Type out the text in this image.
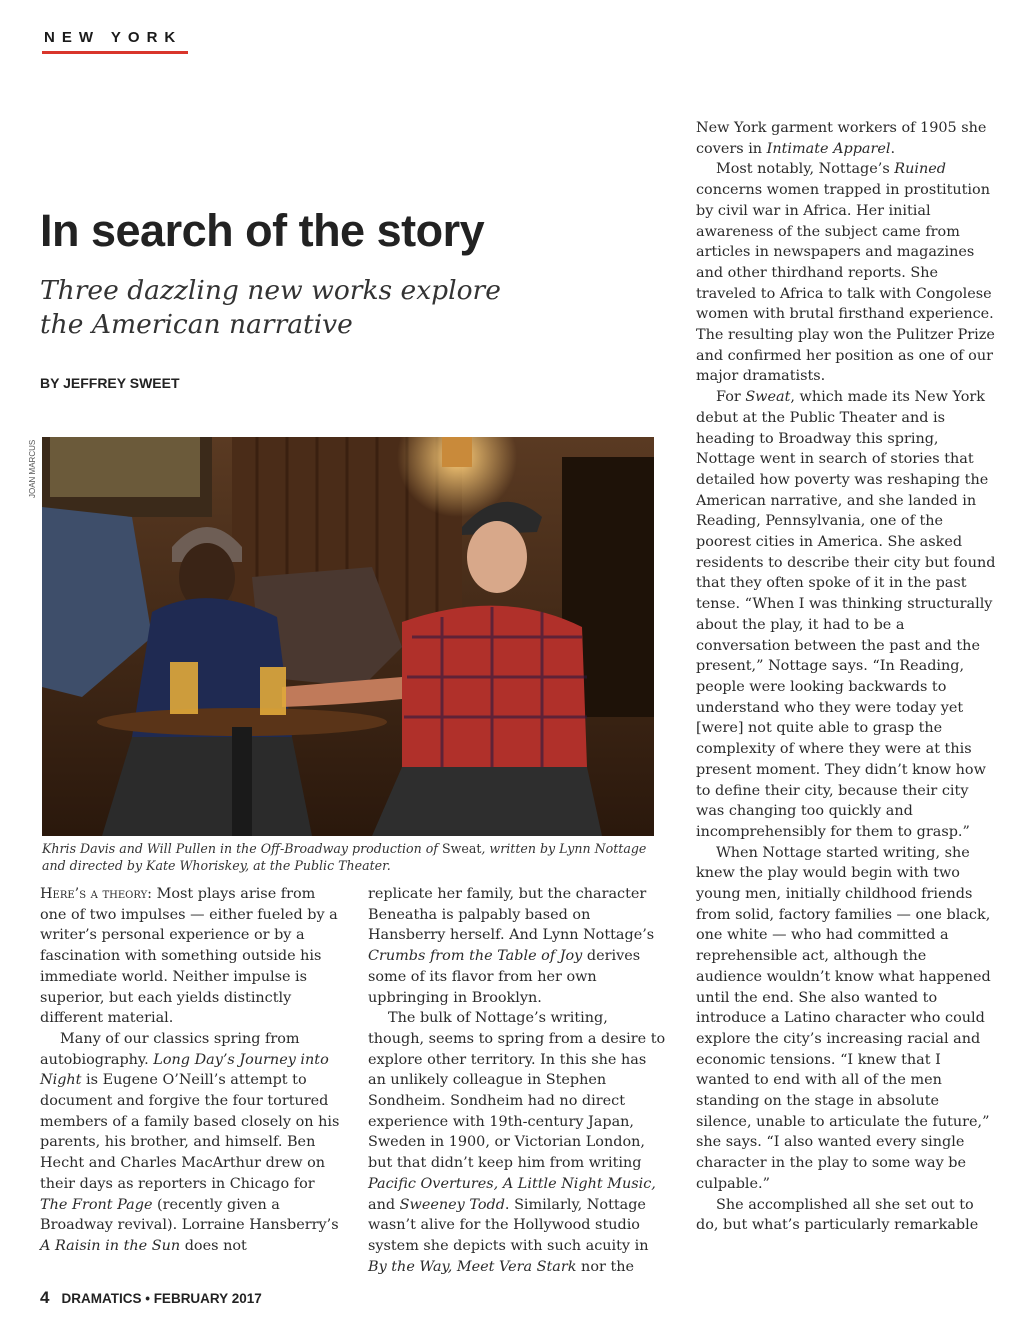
NEW YORK
In search of the story
Three dazzling new works explore
the American narrative
BY JEFFREY SWEET
JOAN MARCUS
Khris Davis and Will Pullen in the Off-Broadway production of Sweat, written by Lynn Nottage and directed by Kate Whoriskey, at the Public Theater.

Here’s a theory: Most plays arise from one of two impulses — either fueled by a writer’s personal experience or by a fascination with something outside his immediate world. Neither impulse is superior, but each yields distinctly different material.

Many of our classics spring from autobiography. Long Day’s Journey into Night is Eugene O’Neill’s attempt to document and forgive the four tortured members of a family based closely on his parents, his brother, and himself. Ben Hecht and Charles MacArthur drew on their days as reporters in Chicago for The Front Page (recently given a Broadway revival). Lorraine Hansberry’s A Raisin in the Sun does not

replicate her family, but the character Beneatha is palpably based on Hansberry herself. And Lynn Nottage’s Crumbs from the Table of Joy derives some of its flavor from her own upbringing in Brooklyn.

The bulk of Nottage’s writing, though, seems to spring from a desire to explore other territory. In this she has an unlikely colleague in Stephen Sondheim. Sondheim had no direct experience with 19th-century Japan, Sweden in 1900, or Victorian London, but that didn’t keep him from writing Pacific Overtures, A Little Night Music, and Sweeney Todd. Similarly, Nottage wasn’t alive for the Hollywood studio system she depicts with such acuity in By the Way, Meet Vera Stark nor the

New York garment workers of 1905 she covers in Intimate Apparel.

Most notably, Nottage’s Ruined concerns women trapped in prostitution by civil war in Africa. Her initial awareness of the subject came from articles in newspapers and magazines and other thirdhand reports. She traveled to Africa to talk with Congolese women with brutal firsthand experience. The resulting play won the Pulitzer Prize and confirmed her position as one of our major dramatists.

For Sweat, which made its New York debut at the Public Theater and is heading to Broadway this spring, Nottage went in search of stories that detailed how poverty was reshaping the American narrative, and she landed in Reading, Pennsylvania, one of the poorest cities in America. She asked residents to describe their city but found that they often spoke of it in the past tense. “When I was thinking structurally about the play, it had to be a conversation between the past and the present,” Nottage says. “In Reading, people were looking backwards to understand who they were today yet [were] not quite able to grasp the complexity of where they were at this present moment. They didn’t know how to define their city, because their city was changing too quickly and incomprehensibly for them to grasp.”

When Nottage started writing, she knew the play would begin with two young men, initially childhood friends from solid, factory families — one black, one white — who had committed a reprehensible act, although the audience wouldn’t know what happened until the end. She also wanted to introduce a Latino character who could explore the city’s increasing racial and economic tensions. “I knew that I wanted to end with all of the men standing on the stage in absolute silence, unable to articulate the future,” she says. “I also wanted every single character in the play to some way be culpable.”

She accomplished all she set out to do, but what’s particularly remarkable

4 DRAMATICS • FEBRUARY 2017
